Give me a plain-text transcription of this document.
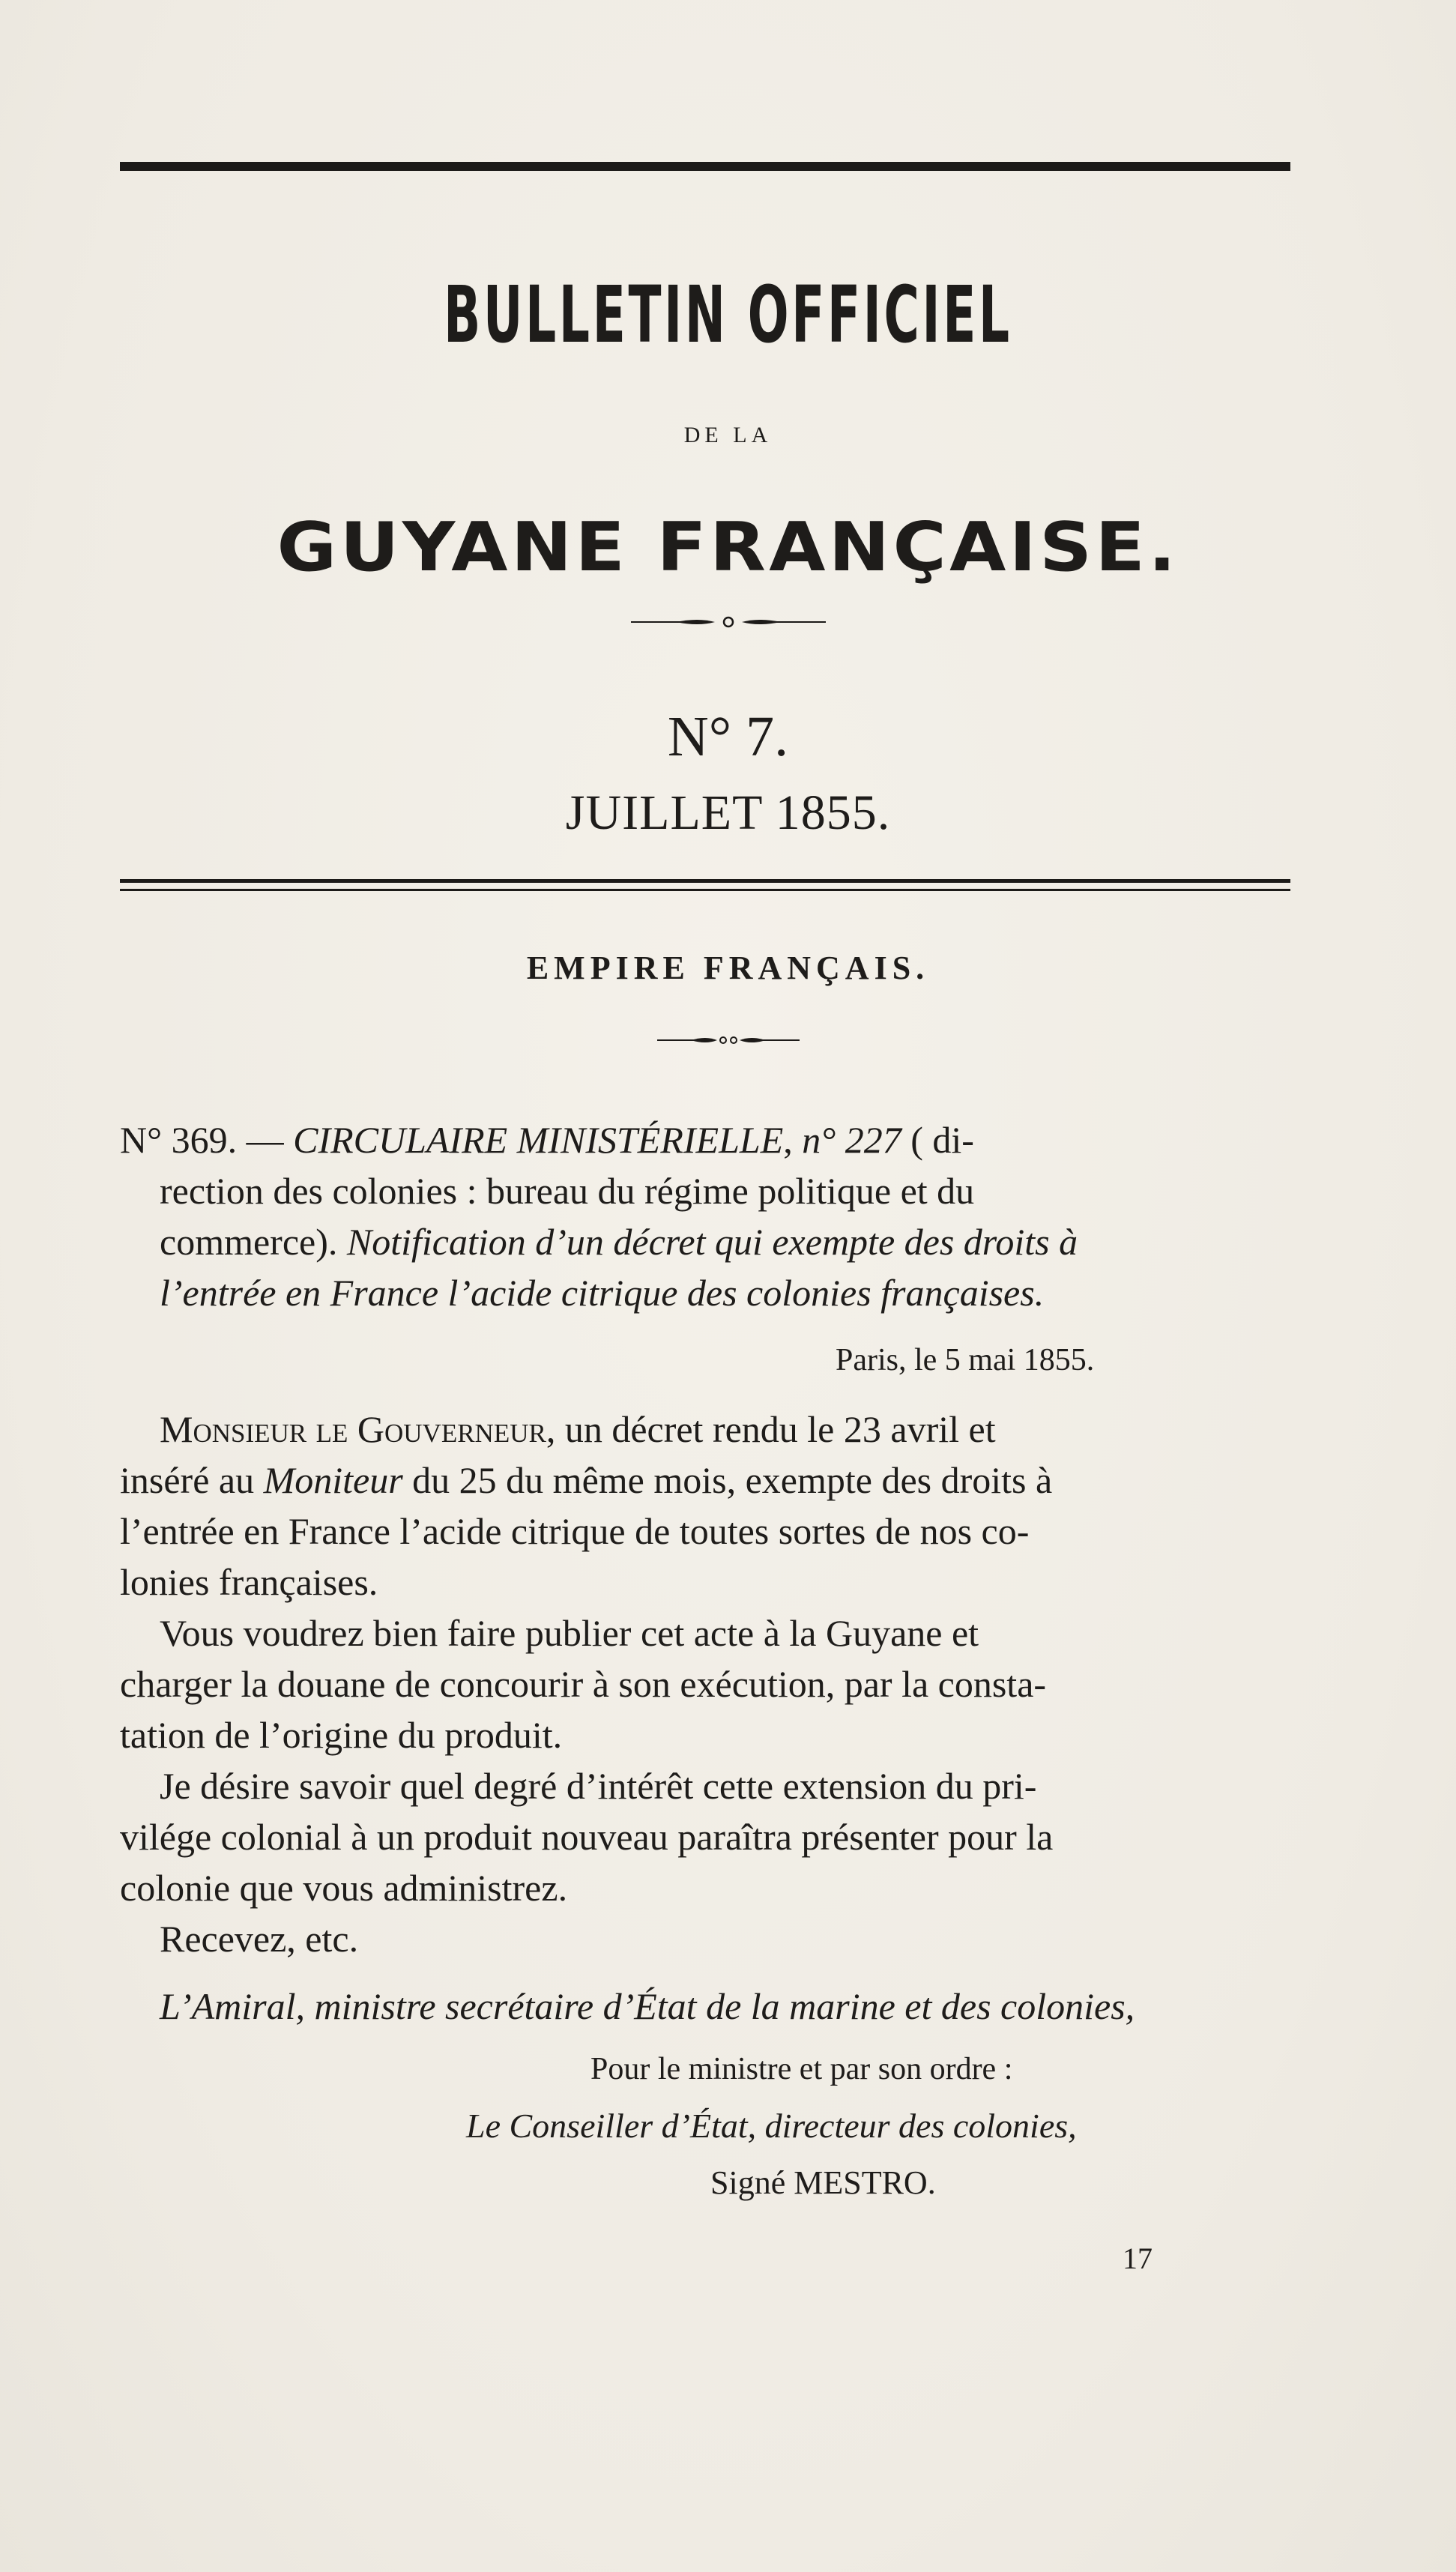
BULLETIN OFFICIEL
DE LA
GUYANE FRANÇAISE.
N° 7.
JUILLET 1855.
EMPIRE FRANÇAIS.
N° 369. — CIRCULAIRE MINISTÉRIELLE, n° 227 ( di-
rection des colonies : bureau du régime politique et du
commerce). Notification d’un décret qui exempte des droits à
l’entrée en France l’acide citrique des colonies françaises.
Paris, le 5 mai 1855.
Monsieur le Gouverneur, un décret rendu le 23 avril et
inséré au Moniteur du 25 du même mois, exempte des droits à
l’entrée en France l’acide citrique de toutes sortes de nos co-
lonies françaises.
Vous voudrez bien faire publier cet acte à la Guyane et
charger la douane de concourir à son exécution, par la consta-
tation de l’origine du produit.
Je désire savoir quel degré d’intérêt cette extension du pri-
vilége colonial à un produit nouveau paraîtra présenter pour la
colonie que vous administrez.
Recevez, etc.
L’Amiral, ministre secrétaire d’État de la marine et des colonies,
Pour le ministre et par son ordre :
Le Conseiller d’État, directeur des colonies,
Signé MESTRO.
17
